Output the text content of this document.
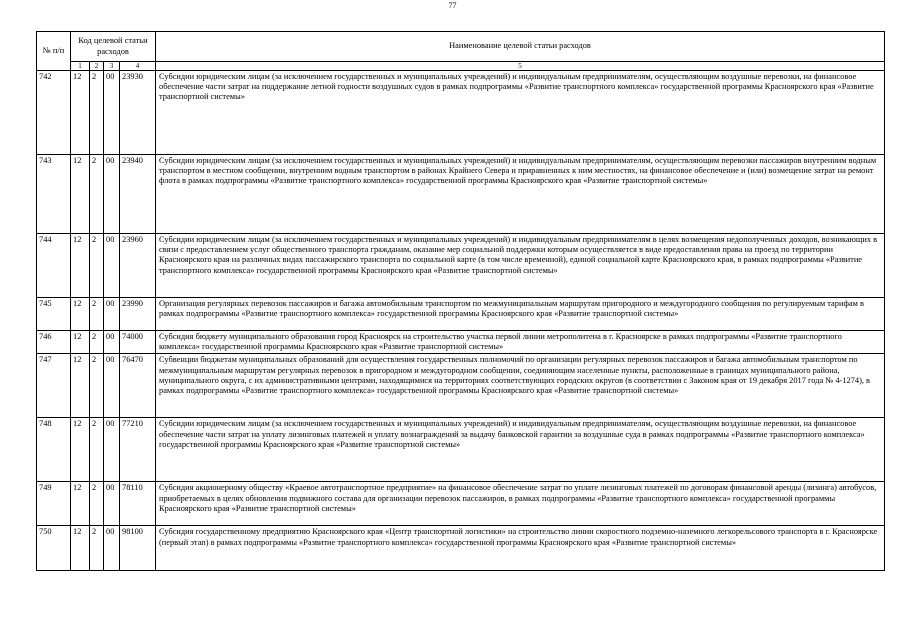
77
№ п/п	Код целевой статьи расходов				Наименование целевой статьи расходов
	1	2	3	4	5
742	12	2	00	23930	Субсидии юридическим лицам (за исключением государственных и муниципальных учреждений) и индивидуальным предпринимателям, осуществляющим воздушные перевозки, на финансовое обеспечение части затрат на поддержание летной годности воздушных судов в рамках подпрограммы «Развитие транспортного комплекса» государственной программы Красноярского края «Развитие транспортной системы»
743	12	2	00	23940	Субсидии юридическим лицам (за исключением государственных и муниципальных учреждений) и индивидуальным предпринимателям, осуществляющим перевозки пассажиров внутренним водным транспортом в местном сообщении, внутренним водным транспортом в районах Крайнего Севера и приравненных к ним местностях, на финансовое обеспечение и (или) возмещение затрат на ремонт флота в рамках подпрограммы «Развитие транспортного комплекса» государственной программы Красноярского края «Развитие транспортной системы»
744	12	2	00	23960	Субсидии юридическим лицам (за исключением государственных и муниципальных учреждений) и индивидуальным предпринимателям в целях возмещения недополученных доходов, возникающих в связи с предоставлением услуг общественного транспорта гражданам, оказание мер социальной поддержки которым осуществляется в виде предоставления права на проезд по территории Красноярского края на различных видах пассажирского транспорта по социальной карте (в том числе временной), единой социальной карте Красноярского края, в рамках подпрограммы «Развитие транспортного комплекса» государственной программы Красноярского края «Развитие транспортной системы»
745	12	2	00	23990	Организация регулярных перевозок пассажиров и багажа автомобильным транспортом по межмуниципальным маршрутам пригородного и междугородного сообщения по регулируемым тарифам в рамках подпрограммы «Развитие транспортного комплекса» государственной программы Красноярского края «Развитие транспортной системы»
746	12	2	00	74000	Субсидия бюджету муниципального образования город Красноярск на строительство участка первой линии метрополитена в г. Красноярске в рамках подпрограммы «Развитие транспортного комплекса» государственной программы Красноярского края «Развитие транспортной системы»
747	12	2	00	76470	Субвенции бюджетам муниципальных образований для осуществления государственных полномочий по организации регулярных перевозок пассажиров и багажа автомобильным транспортом по межмуниципальным маршрутам регулярных перевозок в пригородном и междугородном сообщении, соединяющим населенные пункты, расположенные в границах муниципального района, муниципального округа, с их административными центрами, находящимися на территориях соответствующих городских округов (в соответствии с Законом края от 19 декабря 2017 года № 4-1274), в рамках подпрограммы «Развитие транспортного комплекса» государственной программы Красноярского края «Развитие транспортной системы»
748	12	2	00	77210	Субсидии юридическим лицам (за исключением государственных и муниципальных учреждений) и индивидуальным предпринимателям, осуществляющим воздушные перевозки, на финансовое обеспечение части затрат на уплату лизинговых платежей и уплату вознаграждений за выдачу банковской гарантии за воздушные суда в рамках подпрограммы «Развитие транспортного комплекса» государственной программы Красноярского края «Развитие транспортной системы»
749	12	2	00	78110	Субсидия акционерному обществу «Краевое автотранспортное предприятие» на финансовое обеспечение затрат по уплате лизинговых платежей по договорам финансовой аренды (лизинга) автобусов, приобретаемых в целях обновления подвижного состава для организации перевозок пассажиров, в рамках подпрограммы «Развитие транспортного комплекса» государственной программы Красноярского края «Развитие транспортной системы»
750	12	2	00	98100	Субсидия государственному предприятию Красноярского края «Центр транспортной логистики» на строительство линии скоростного подземно-наземного легкорельсового транспорта в г. Красноярске (первый этап) в рамках подпрограммы «Развитие транспортного комплекса» государственной программы Красноярского края «Развитие транспортной системы»
